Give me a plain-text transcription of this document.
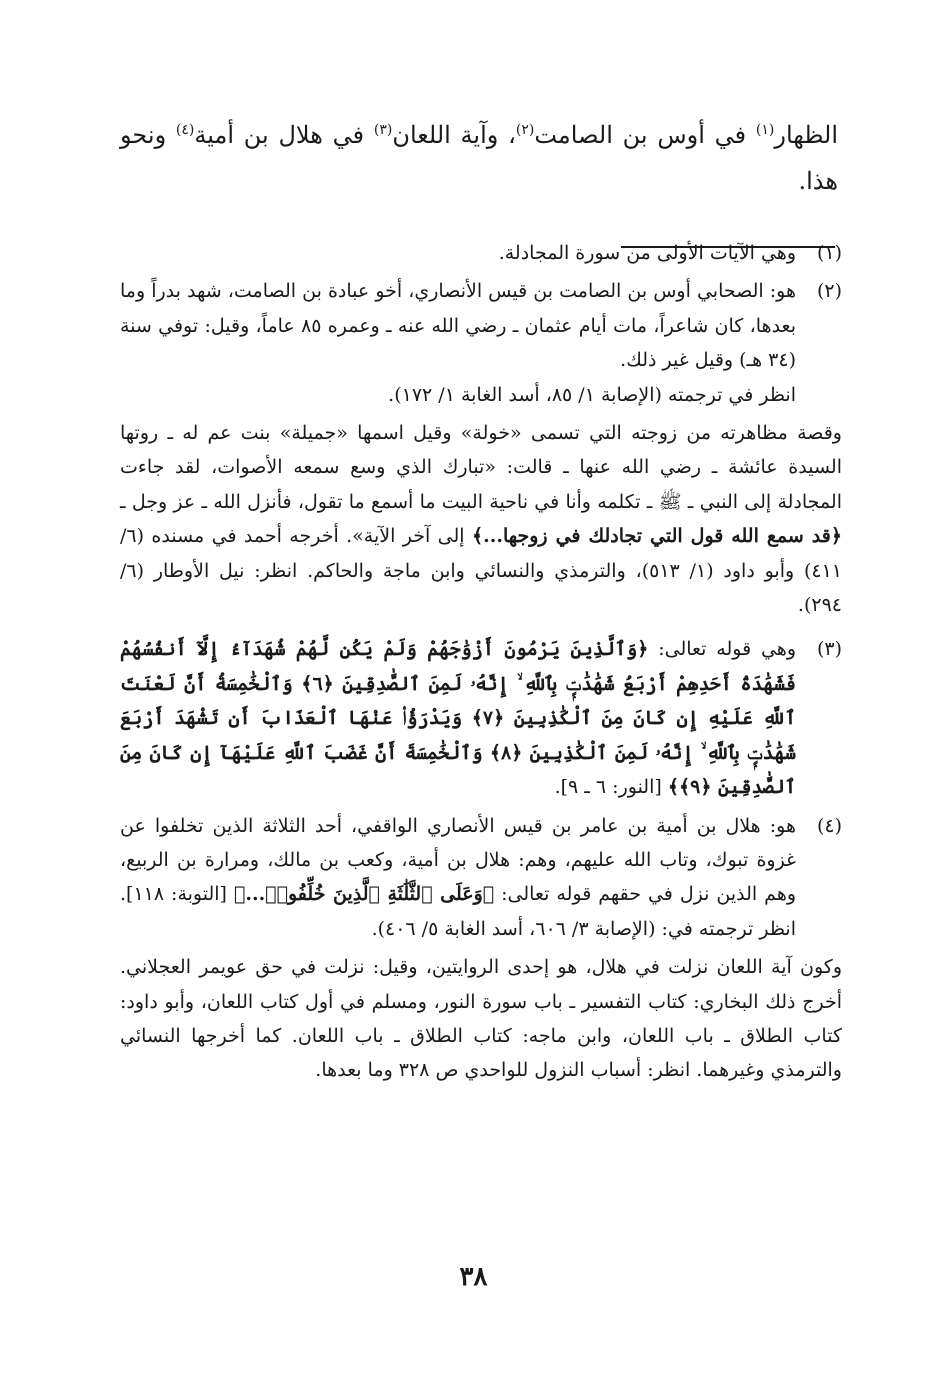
الظهار$^{(١)}$ في أوس بن الصامت$^{(٢)}$، وآية اللعان$^{(٣)}$ في هلال بن أمية$^{(٤)}$ ونحو هذا.

(١)
وهي الآيات الأولى من سورة المجادلة.
(٢)
هو: الصحابي أوس بن الصامت بن قيس الأنصاري، أخو عبادة بن الصامت، شهد بدراً وما بعدها، كان شاعراً، مات أيام عثمان ـ رضي الله عنه ـ وعمره ٨٥ عاماً، وقيل: توفي سنة (٣٤ هـ) وقيل غير ذلك.
انظر في ترجمته (الإصابة ١/ ٨٥، أسد الغابة ١/ ١٧٢).
وقصة مظاهرته من زوجته التي تسمى «خولة» وقيل اسمها «جميلة» بنت عم له ـ روتها السيدة عائشة ـ رضي الله عنها ـ قالت: «تبارك الذي وسع سمعه الأصوات، لقد جاءت المجادلة إلى النبي ـ ﷺ ـ تكلمه وأنا في ناحية البيت ما أسمع ما تقول، فأنزل الله ـ عز وجل ـ ﴿قد سمع الله قول التي تجادلك في زوجها...﴾ إلى آخر الآية». أخرجه أحمد في مسنده (٦/ ٤١١) وأبو داود (١/ ٥١٣)، والترمذي والنسائي وابن ماجة والحاكم. انظر: نيل الأوطار (٦/ ٢٩٤).
(٣)
وهي قوله تعالى: ﴿وَٱلَّذِينَ يَرْمُونَ أَزْوَٰجَهُمْ وَلَمْ يَكُن لَّهُمْ شُهَدَآءُ إِلَّآ أَنفُسُهُمْ فَشَهَٰدَةُ أَحَدِهِمْ أَرْبَعُ شَهَٰدَٰتٍۭ بِٱللَّهِ ۙ إِنَّهُۥ لَمِنَ ٱلصَّٰدِقِينَ ﴿٦﴾ وَٱلْخَٰمِسَةُ أَنَّ لَعْنَتَ ٱللَّهِ عَلَيْهِ إِن كَانَ مِنَ ٱلْكَٰذِبِينَ ﴿٧﴾ وَيَدْرَؤُا۟ عَنْهَا ٱلْعَذَابَ أَن تَشْهَدَ أَرْبَعَ شَهَٰدَٰتٍۭ بِٱللَّهِ ۙ إِنَّهُۥ لَمِنَ ٱلْكَٰذِبِينَ ﴿٨﴾ وَٱلْخَٰمِسَةَ أَنَّ غَضَبَ ٱللَّهِ عَلَيْهَآ إِن كَانَ مِنَ ٱلصَّٰدِقِينَ ﴿٩﴾﴾ [النور: ٦ ـ ٩].
(٤)
هو: هلال بن أمية بن عامر بن قيس الأنصاري الواقفي، أحد الثلاثة الذين تخلفوا عن غزوة تبوك، وتاب الله عليهم، وهم: هلال بن أمية، وكعب بن مالك، ومرارة بن الربيع، وهم الذين نزل في حقهم قوله تعالى: ﴿وَعَلَى ٱلثَّلَٰثَةِ ٱلَّذِينَ خُلِّفُوا۟...﴾ [التوبة: ١١٨]. انظر ترجمته في: (الإصابة ٣/ ٦٠٦، أسد الغابة ٥/ ٤٠٦).
وكون آية اللعان نزلت في هلال، هو إحدى الروايتين، وقيل: نزلت في حق عويمر العجلاني. أخرج ذلك البخاري: كتاب التفسير ـ باب سورة النور، ومسلم في أول كتاب اللعان، وأبو داود: كتاب الطلاق ـ باب اللعان، وابن ماجه: كتاب الطلاق ـ باب اللعان. كما أخرجها النسائي والترمذي وغيرهما. انظر: أسباب النزول للواحدي ص ٣٢٨ وما بعدها.
٣٨
